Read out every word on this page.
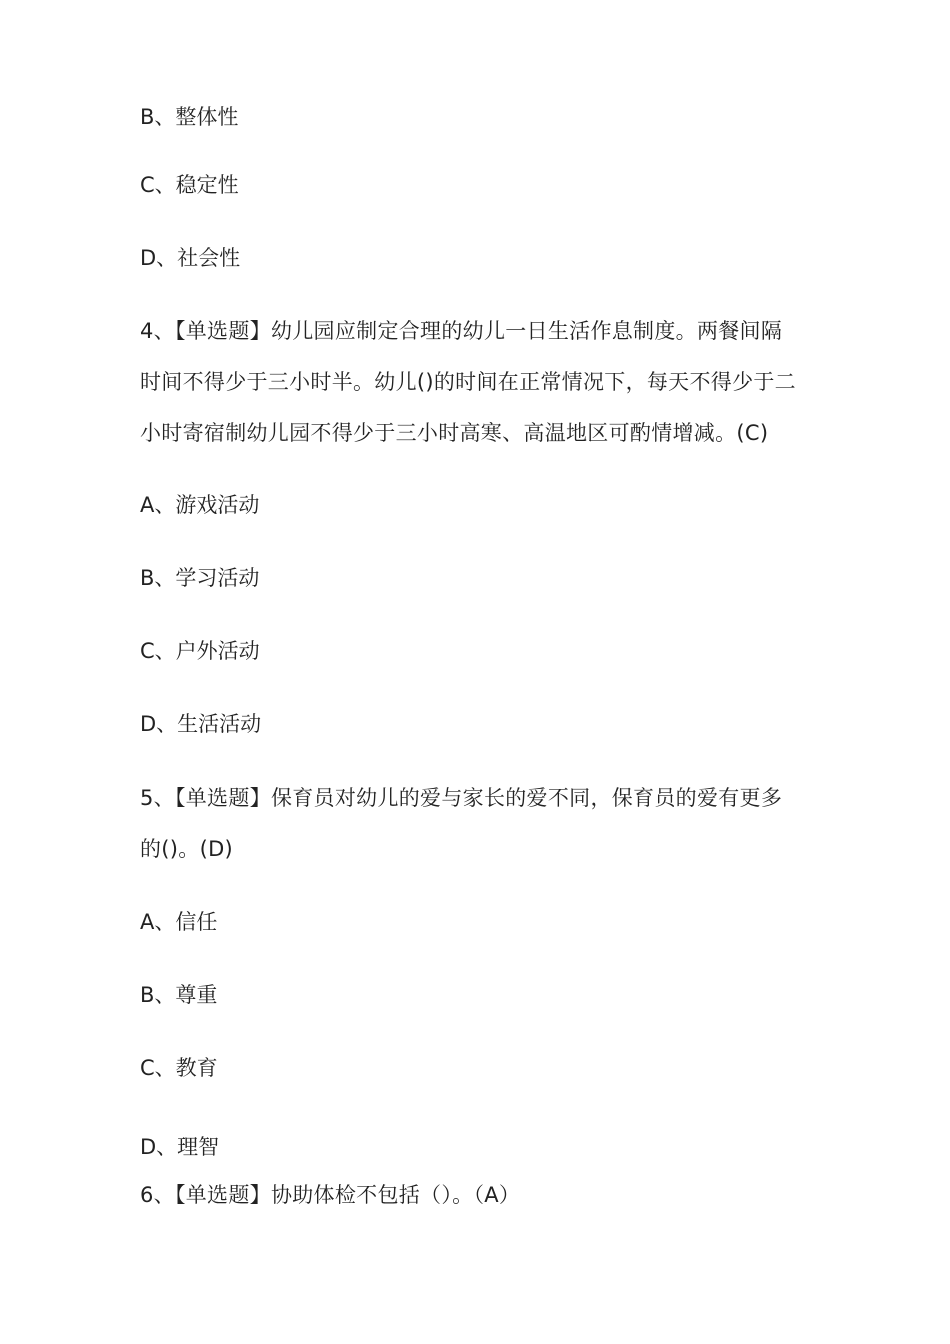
B、整体性
C、稳定性
D、社会性
4、【单选题】幼儿园应制定合理的幼儿一日生活作息制度。两餐间隔
时间不得少于三小时半。幼儿()的时间在正常情况下，每天不得少于二
小时寄宿制幼儿园不得少于三小时高寒、高温地区可酌情增减。(C)
A、游戏活动
B、学习活动
C、户外活动
D、生活活动
5、【单选题】保育员对幼儿的爱与家长的爱不同，保育员的爱有更多
的()。(D)
A、信任
B、尊重
C、教育
D、理智
6、【单选题】协助体检不包括（）。（A）
